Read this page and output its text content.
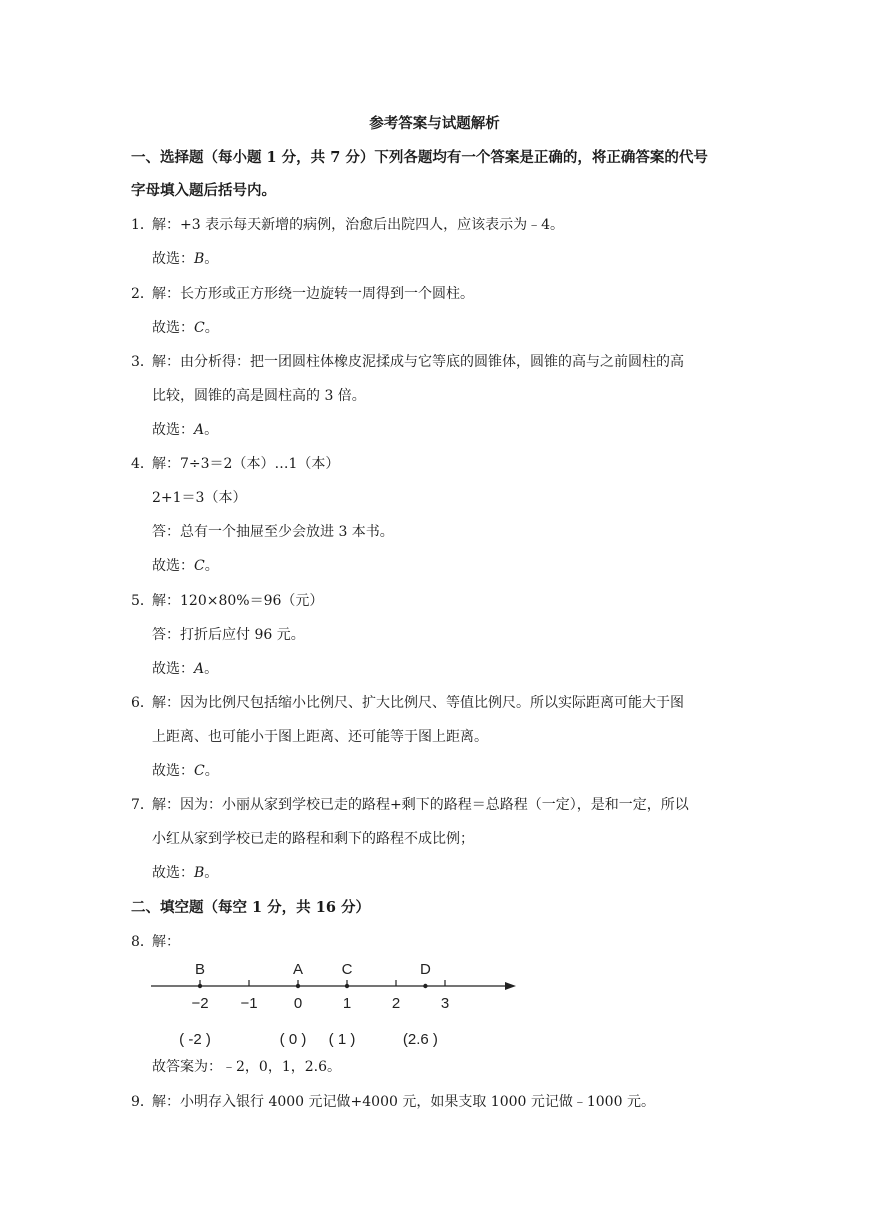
参考答案与试题解析
一、选择题（每小题 1 分，共 7 分）下列各题均有一个答案是正确的，将正确答案的代号
字母填入题后括号内。
1．解：+3 表示每天新增的病例，治愈后出院四人，应该表示为﹣4。
故选：B。
2．解：长方形或正方形绕一边旋转一周得到一个圆柱。
故选：C。
3．解：由分析得：把一团圆柱体橡皮泥揉成与它等底的圆锥体，圆锥的高与之前圆柱的高
比较，圆锥的高是圆柱高的 3 倍。
故选：A。
4．解：7÷3＝2（本）…1（本）
2+1＝3（本）
答：总有一个抽屉至少会放进 3 本书。
故选：C。
5．解：120×80%＝96（元）
答：打折后应付 96 元。
故选：A。
6．解：因为比例尺包括缩小比例尺、扩大比例尺、等值比例尺。所以实际距离可能大于图
上距离、也可能小于图上距离、还可能等于图上距离。
故选：C。
7．解：因为：小丽从家到学校已走的路程+剩下的路程＝总路程（一定），是和一定，所以
小红从家到学校已走的路程和剩下的路程不成比例；
故选：B。
二、填空题（每空 1 分，共 16 分）
8．解：
−2 −1 0	1	2	3
B	A	C	D
( -2 )	( 0 ) ( 1 )	(2.6 )
故答案为：﹣2，0，1，2.6。
9．解：小明存入银行 4000 元记做+4000 元，如果支取 1000 元记做﹣1000 元。
